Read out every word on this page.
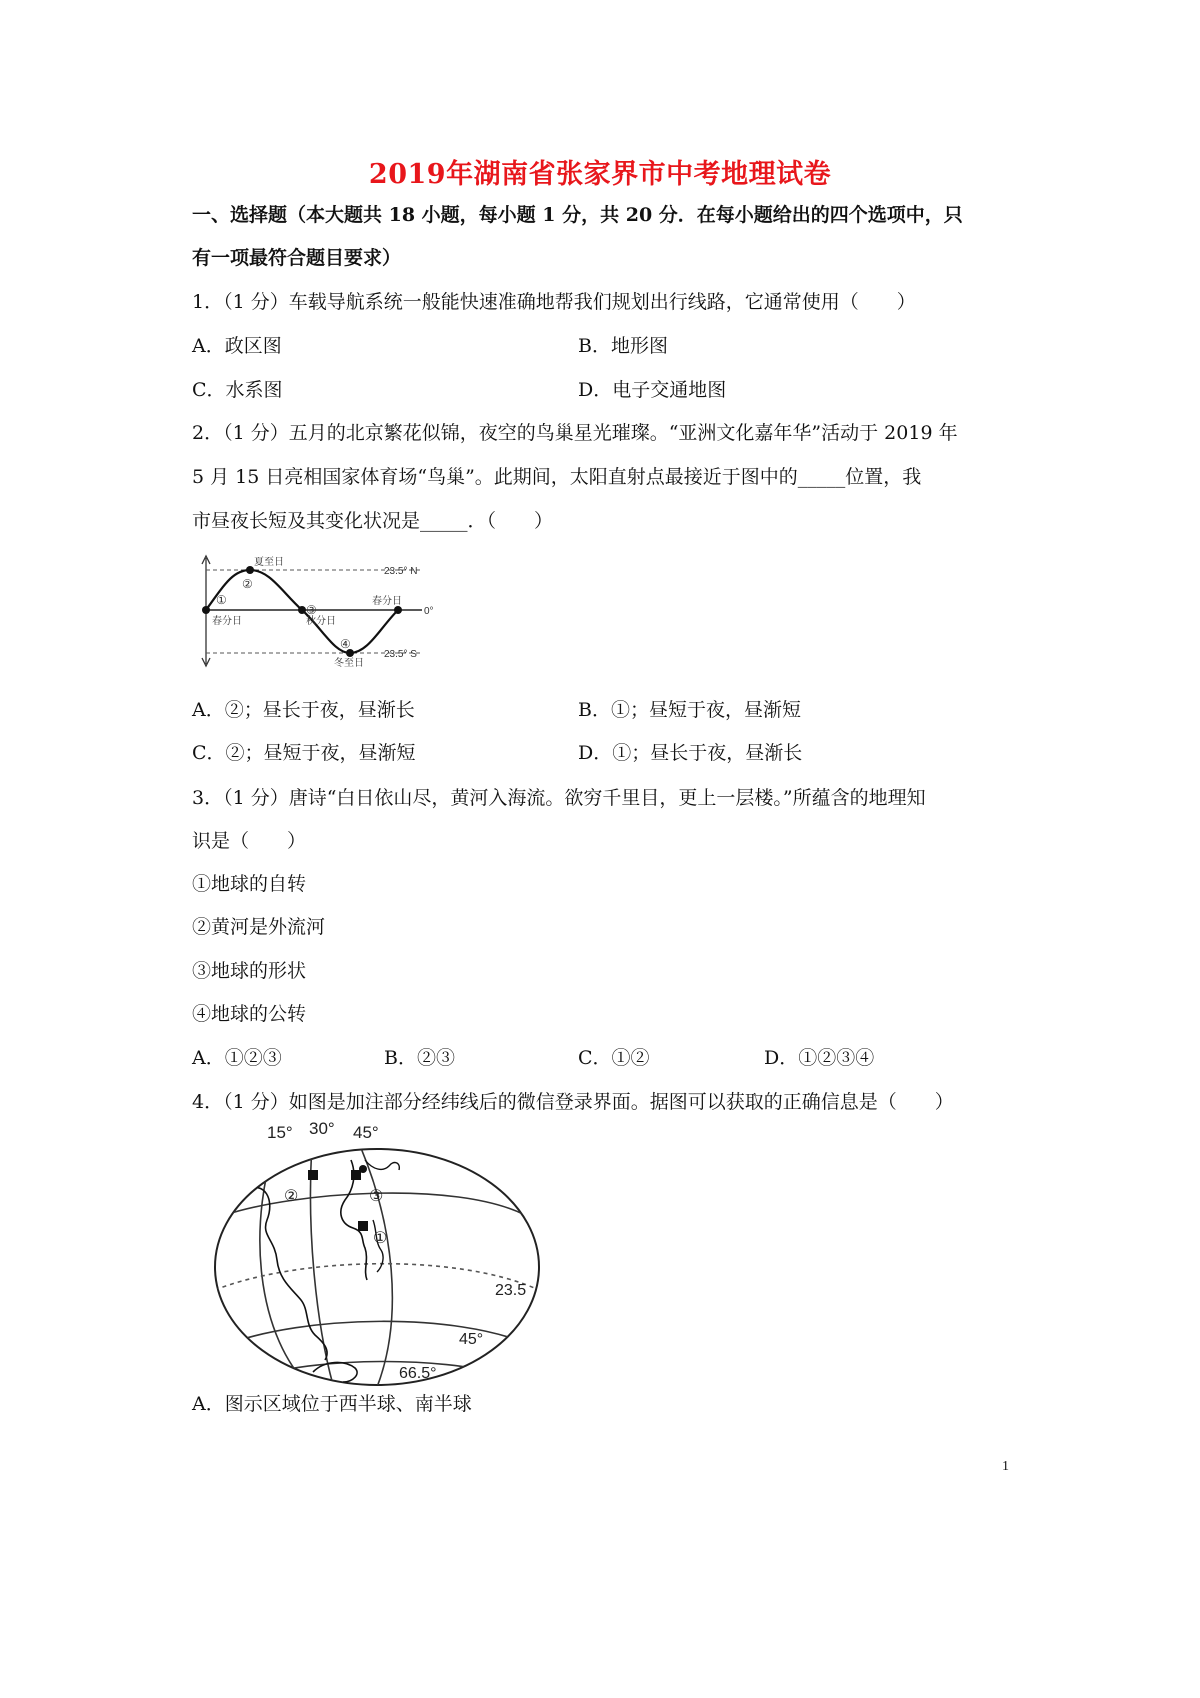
2019年湖南省张家界市中考地理试卷
一、选择题（本大题共 18 小题，每小题 1 分，共 20 分．在每小题给出的四个选项中，只
有一项最符合题目要求）
1．（1 分）车载导航系统一般能快速准确地帮我们规划出行线路，它通常使用（　　）
A．政区图	B．地形图
C．水系图	D．电子交通地图
2．（1 分）五月的北京繁花似锦，夜空的鸟巢星光璀璨。“亚洲文化嘉年华”活动于 2019 年
5 月 15 日亮相国家体育场“鸟巢”。此期间，太阳直射点最接近于图中的_____位置，我
市昼夜长短及其变化状况是_____．（　　）
夏至日
①
②
③
④
春分日	秋分日
春分日
冬至日
23.5° N
0°
23.5° S
A．②；昼长于夜，昼渐长	B．①；昼短于夜，昼渐短
C．②；昼短于夜，昼渐短	D．①；昼长于夜，昼渐长
3．（1 分）唐诗“白日依山尽，黄河入海流。欲穷千里目，更上一层楼。”所蕴含的地理知
识是（　　）
①地球的自转
②黄河是外流河
③地球的形状
④地球的公转
A．①②③	B．②③	C．①②	D．①②③④
4．（1 分）如图是加注部分经纬线后的微信登录界面。据图可以获取的正确信息是（　　）
15° 30° 45°
②	③
①
23.5
45°
66.5°
A．图示区域位于西半球、南半球
1
